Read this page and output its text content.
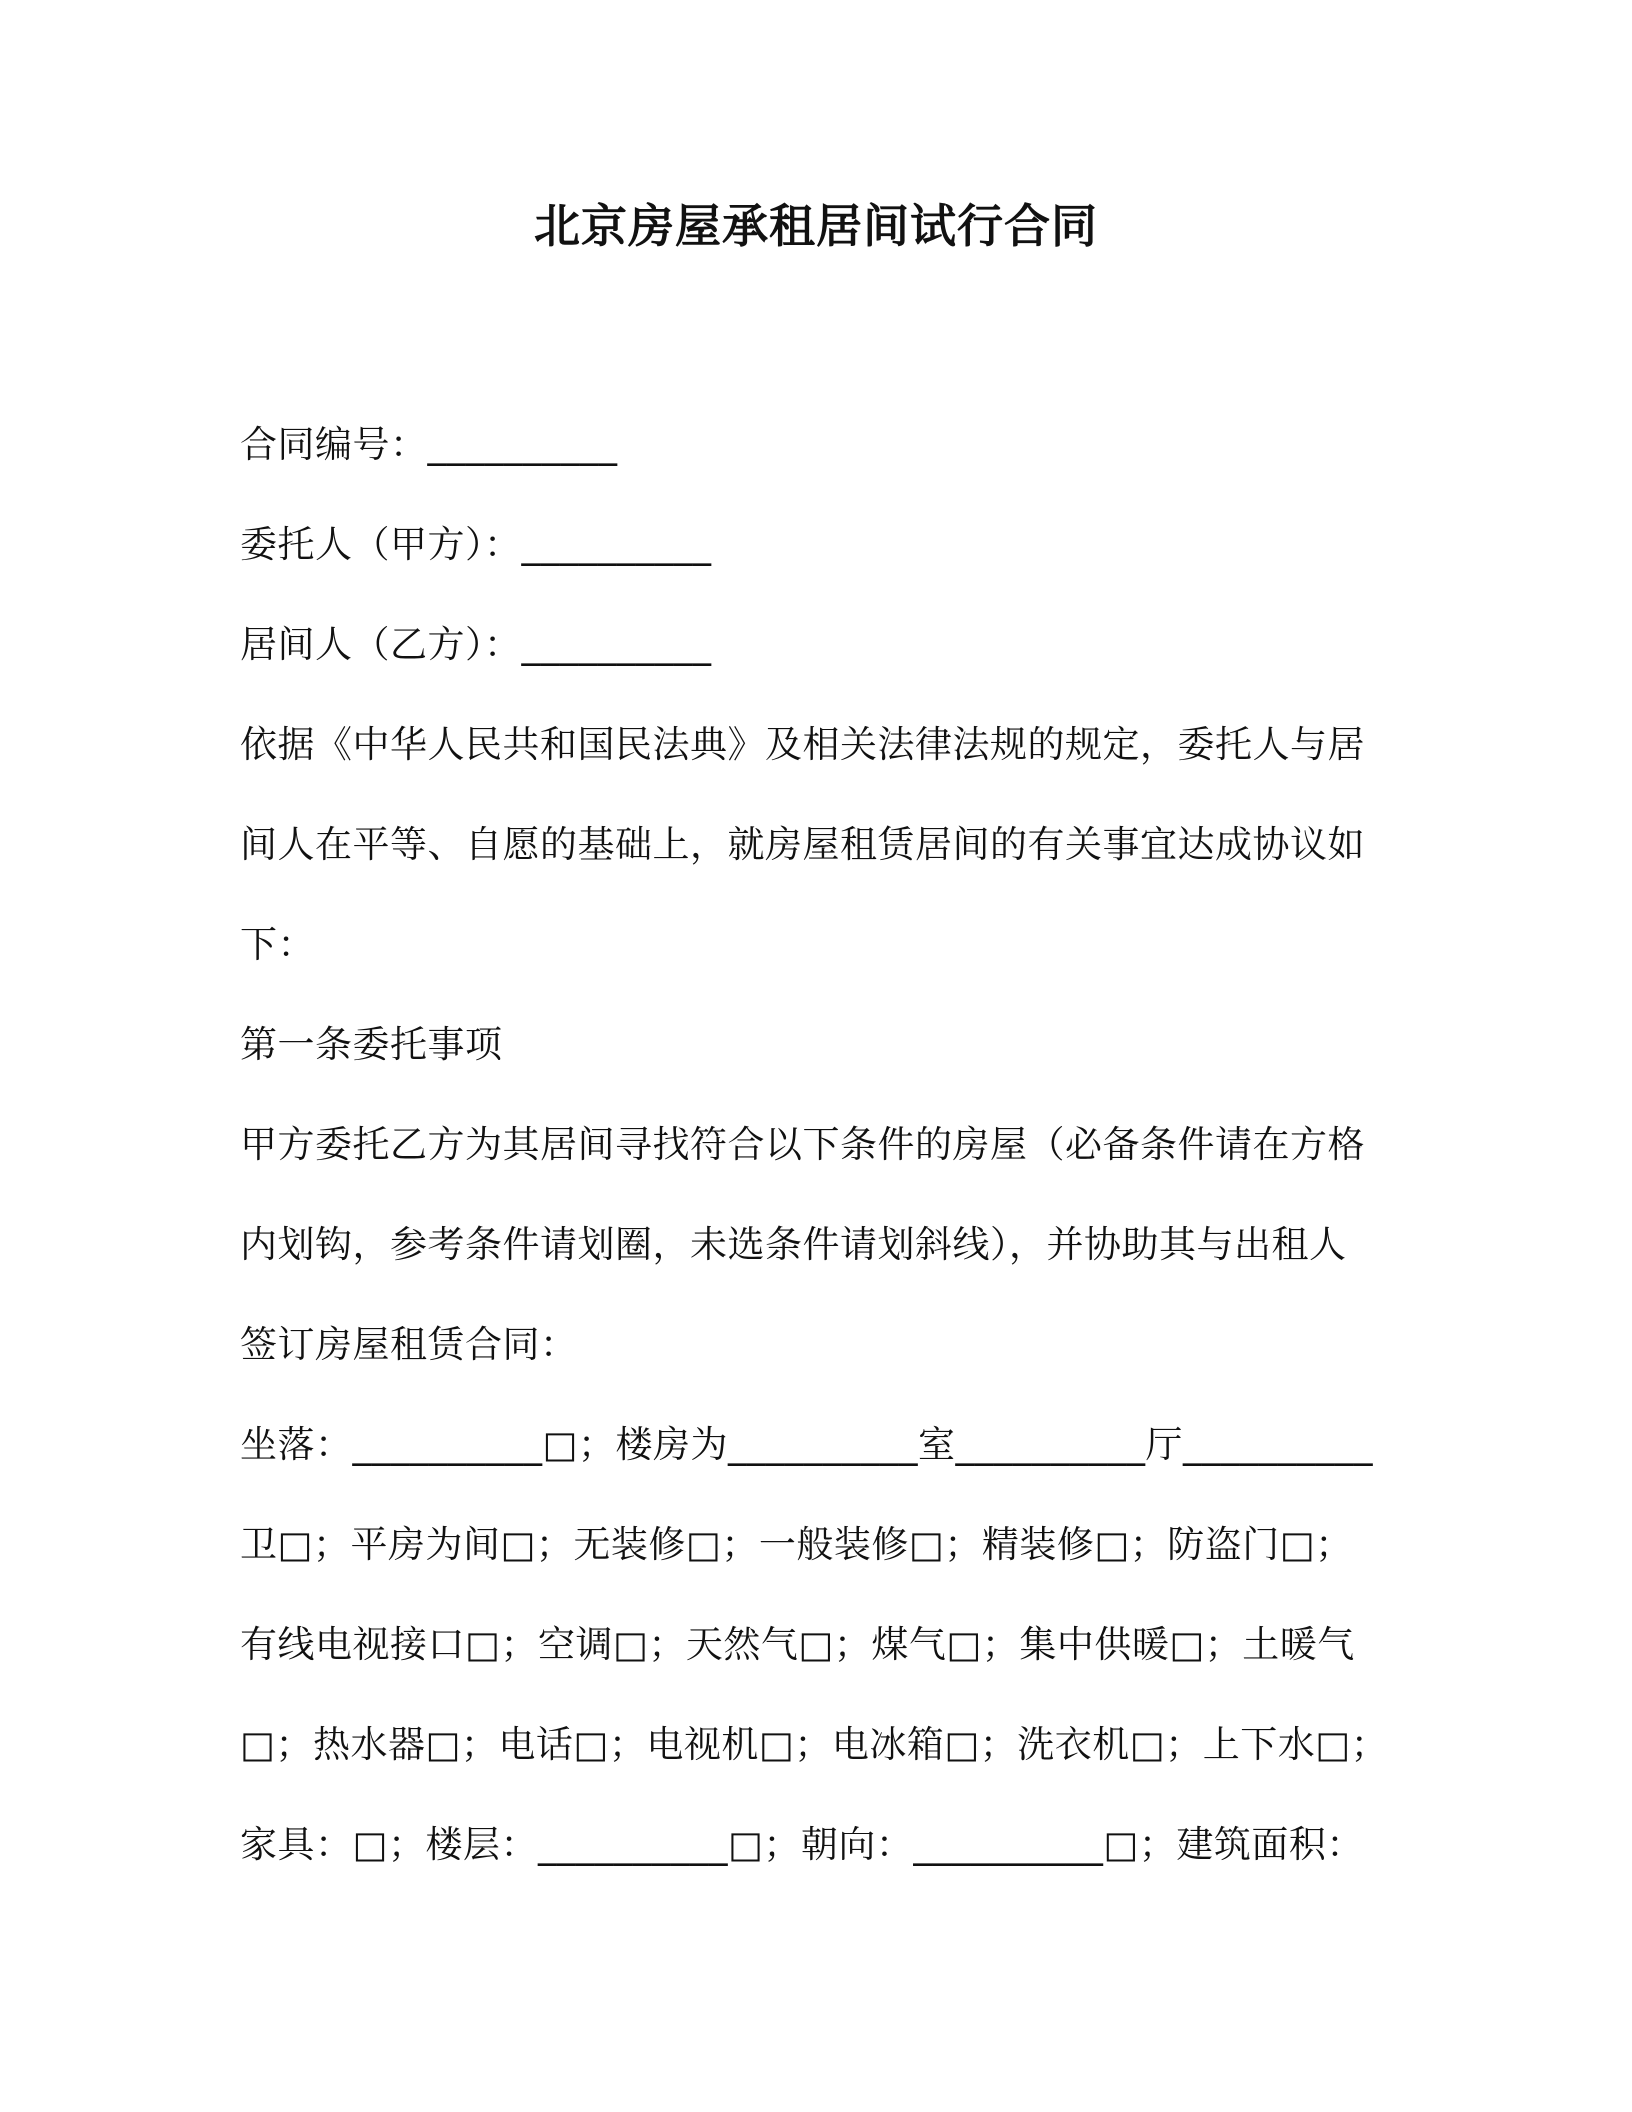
北京房屋承租居间试行合同
合同编号：__________
委托人（甲方）：__________
居间人（乙方）：__________
依据《中华人民共和国民法典》及相关法律法规的规定，委托人与居
间人在平等、自愿的基础上，就房屋租赁居间的有关事宜达成协议如
下：
第一条委托事项
甲方委托乙方为其居间寻找符合以下条件的房屋（必备条件请在方格
内划钩，参考条件请划圈，未选条件请划斜线），并协助其与出租人
签订房屋租赁合同：
坐落：__________□；楼房为__________室__________厅__________
卫□；平房为间□；无装修□；一般装修□；精装修□；防盗门□；
有线电视接口□；空调□；天然气□；煤气□；集中供暖□；土暖气
□；热水器□；电话□；电视机□；电冰箱□；洗衣机□；上下水□；
家具：□；楼层：__________□；朝向：__________□；建筑面积：
